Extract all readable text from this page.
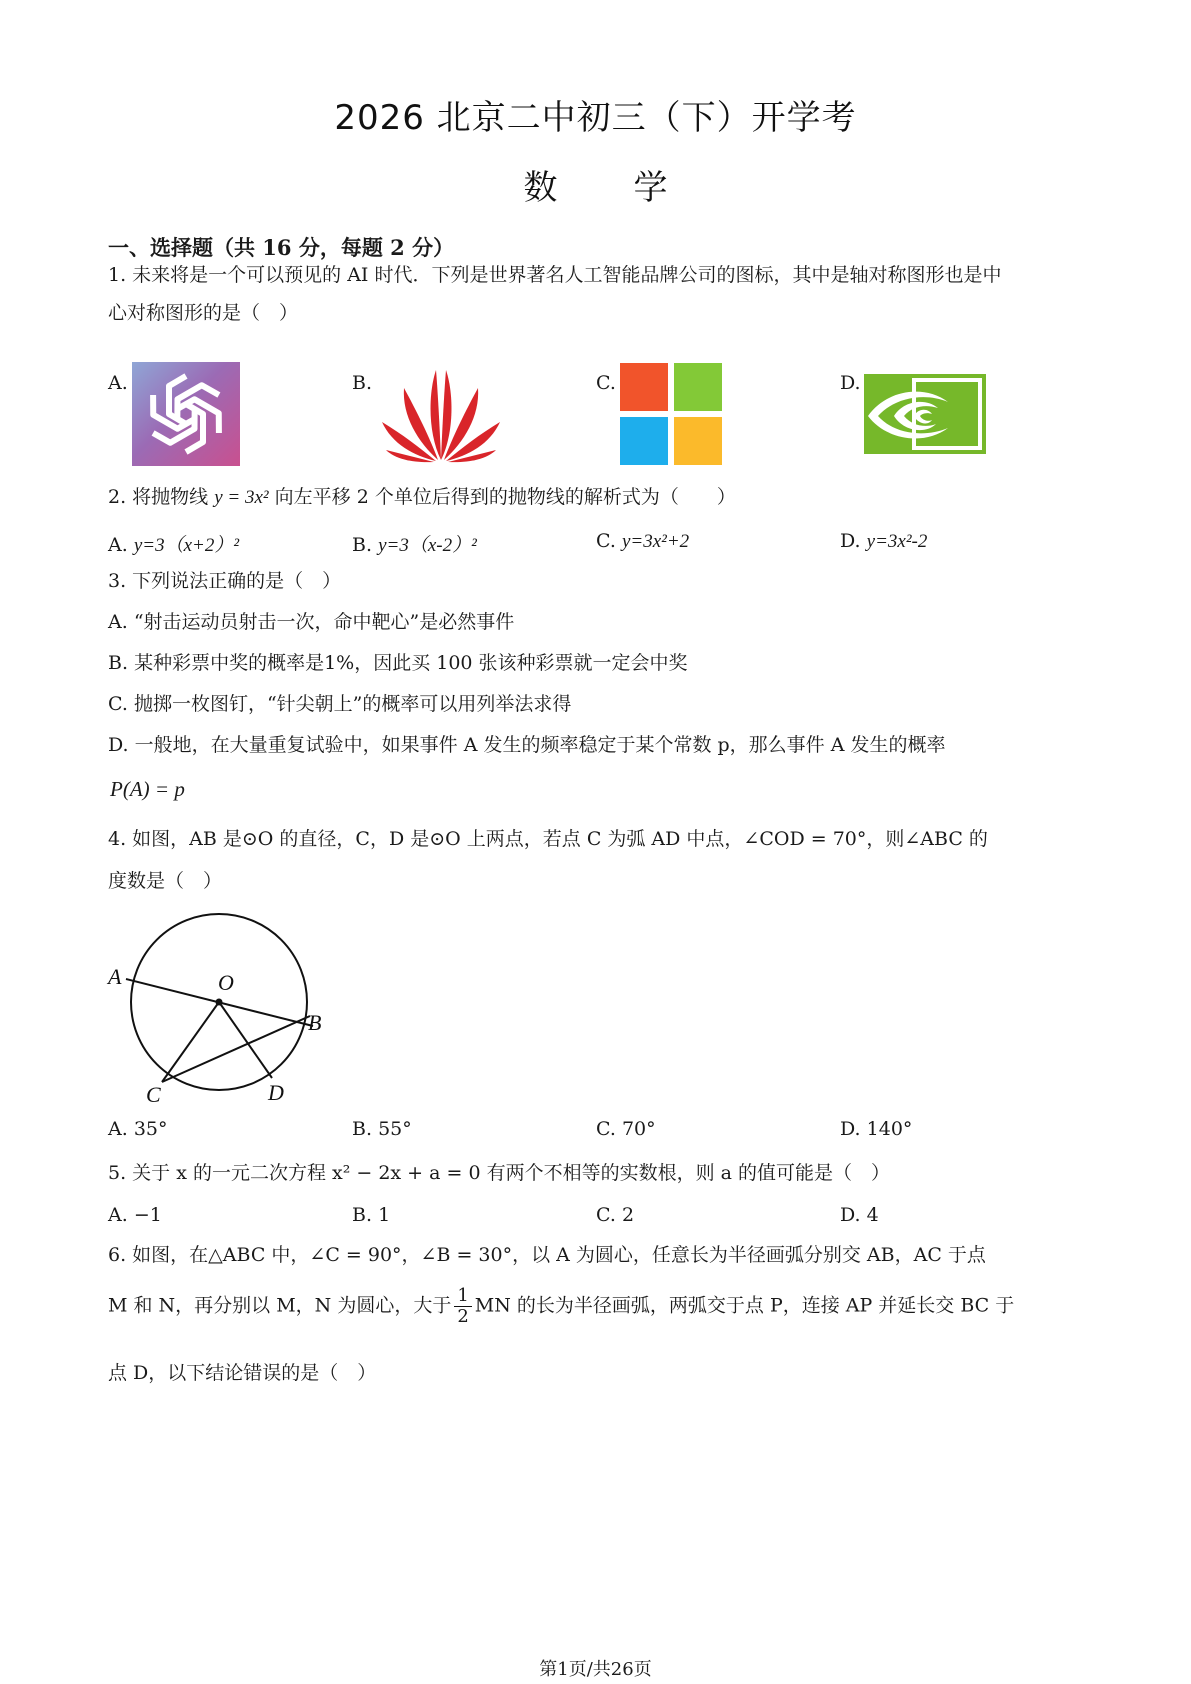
2026 北京二中初三（下）开学考
数 学
一、选择题（共 16 分，每题 2 分）
1. 未来将是一个可以预见的 AI 时代．下列是世界著名人工智能品牌公司的图标，其中是轴对称图形也是中
心对称图形的是（　）
A.	B.	C.	D.
2. 将抛物线 y = 3x² 向左平移 2 个单位后得到的抛物线的解析式为（　　）
A. y=3（x+2）²	B. y=3（x-2）²	C. y=3x²+2	D. y=3x²-2
3. 下列说法正确的是（　）
A. “射击运动员射击一次，命中靶心”是必然事件
B. 某种彩票中奖的概率是1%，因此买 100 张该种彩票就一定会中奖
C. 抛掷一枚图钉，“针尖朝上”的概率可以用列举法求得
D. 一般地，在大量重复试验中，如果事件 A 发生的频率稳定于某个常数 p，那么事件 A 发生的概率
P(A) = p
4. 如图，AB 是⊙O 的直径，C，D 是⊙O 上两点，若点 C 为弧 AD 中点，∠COD = 70°，则∠ABC 的
度数是（　）
A	O
B
C	D
A. 35°	B. 55°	C. 70°	D. 140°
5. 关于 x 的一元二次方程 x² − 2x + a = 0 有两个不相等的实数根，则 a 的值可能是（　）
A. −1	B. 1	C. 2	D. 4
6. 如图，在△ABC 中，∠C = 90°，∠B = 30°，以 A 为圆心，任意长为半径画弧分别交 AB，AC 于点
M 和 N，再分别以 M，N 为圆心，大于 $\frac{1}{2}$ MN 的长为半径画弧，两弧交于点 P，连接 AP 并延长交 BC 于
点 D，以下结论错误的是（　）
第1页/共26页
